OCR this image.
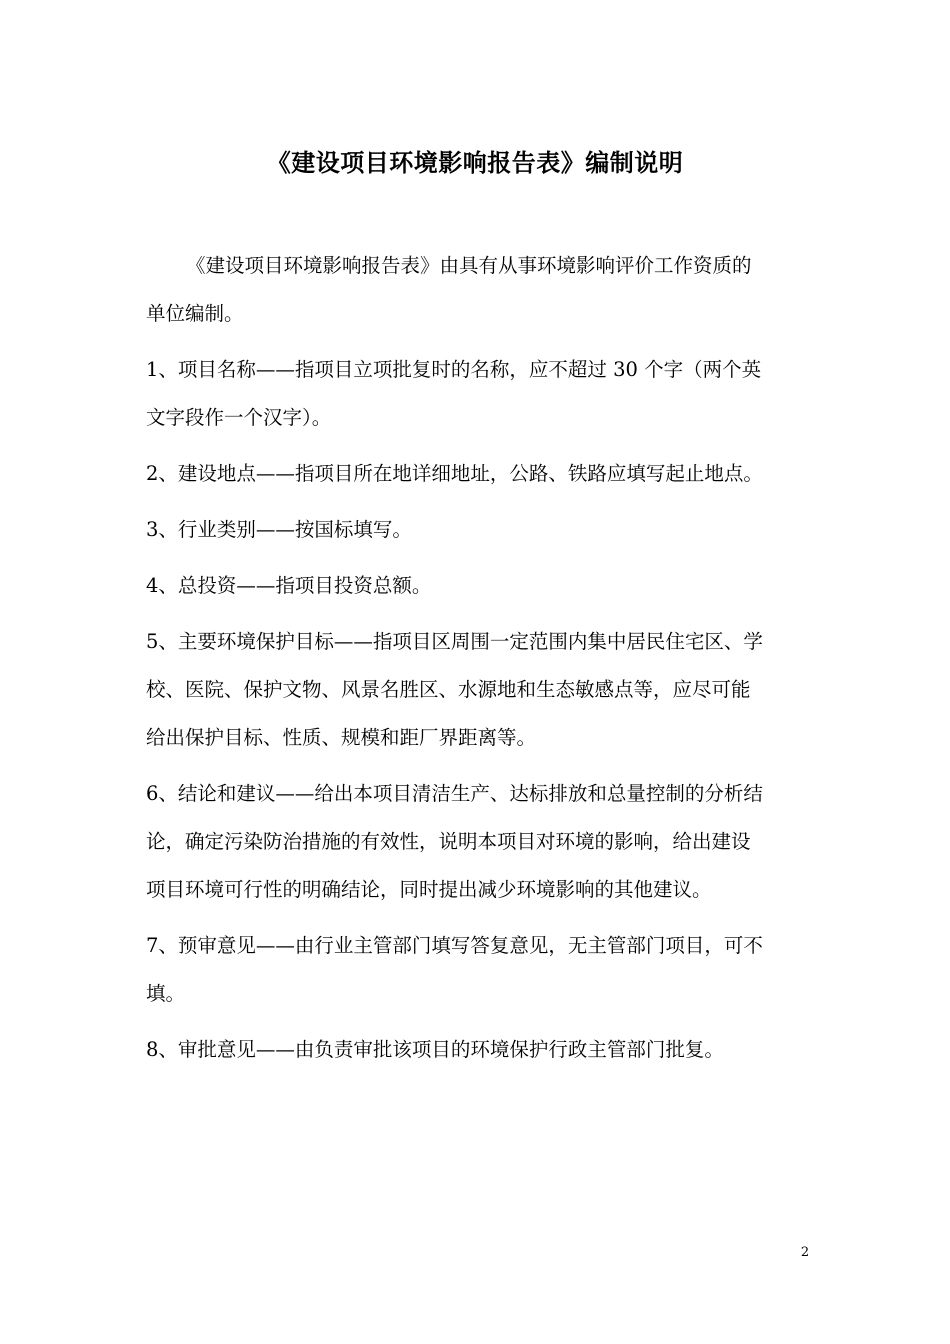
《建设项目环境影响报告表》编制说明

《建设项目环境影响报告表》由具有从事环境影响评价工作资质的单位编制。

1、项目名称——指项目立项批复时的名称，应不超过 30 个字（两个英文字段作一个汉字）。

2、建设地点——指项目所在地详细地址，公路、铁路应填写起止地点。

3、行业类别——按国标填写。

4、总投资——指项目投资总额。

5、主要环境保护目标——指项目区周围一定范围内集中居民住宅区、学校、医院、保护文物、风景名胜区、水源地和生态敏感点等，应尽可能给出保护目标、性质、规模和距厂界距离等。

6、结论和建议——给出本项目清洁生产、达标排放和总量控制的分析结论，确定污染防治措施的有效性，说明本项目对环境的影响，给出建设项目环境可行性的明确结论，同时提出减少环境影响的其他建议。

7、预审意见——由行业主管部门填写答复意见，无主管部门项目，可不填。

8、审批意见——由负责审批该项目的环境保护行政主管部门批复。

2
